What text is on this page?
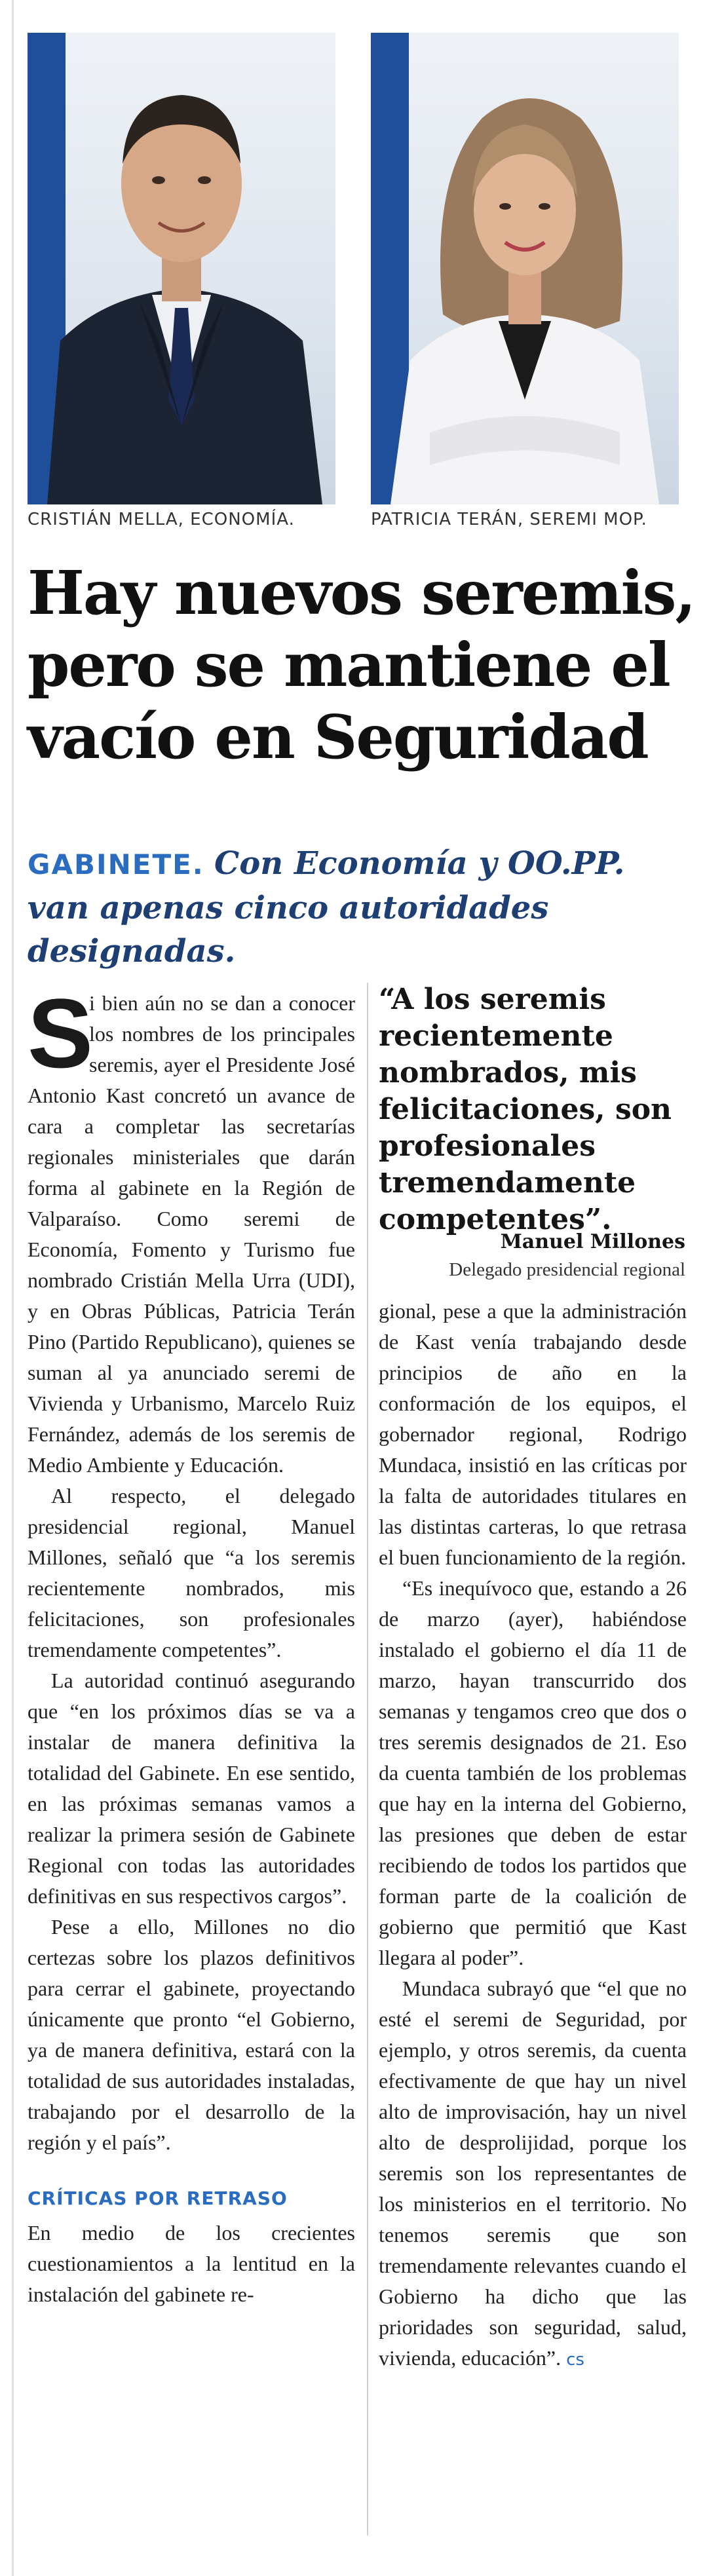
CRISTIÁN MELLA, ECONOMÍA.	PATRICIA TERÁN, SEREMI MOP.
Hay nuevos seremis,
pero se mantiene el
vacío en Seguridad
GABINETE. Con Economía y OO.PP. van apenas cinco autoridades designadas.

S
i bien aún no se dan a conocer los nombres de los principales seremis, ayer el Presidente José Antonio Kast concretó un avance de cara a completar las secretarías regionales ministeriales que darán forma al gabinete en la Región de Valparaíso. Como seremi de Economía, Fomento y Turismo fue nombrado Cristián Mella Urra (UDI), y en Obras Públicas, Patricia Terán Pino (Partido Republicano), quienes se suman al ya anunciado seremi de Vivienda y Urbanismo, Marcelo Ruiz Fernández, además de los seremis de Medio Ambiente y Educación.

Al respecto, el delegado presidencial regional, Manuel Millones, señaló que “a los seremis recientemente nombrados, mis felicitaciones, son profesionales tremendamente competentes”.

La autoridad continuó asegurando que “en los próximos días se va a instalar de manera definitiva la totalidad del Gabinete. En ese sentido, en las próximas semanas vamos a realizar la primera sesión de Gabinete Regional con todas las autoridades definitivas en sus respectivos cargos”.

Pese a ello, Millones no dio certezas sobre los plazos definitivos para cerrar el gabinete, proyectando únicamente que pronto “el Gobierno, ya de manera definitiva, estará con la totalidad de sus autoridades instaladas, trabajando por el desarrollo de la región y el país”.

CRÍTICAS POR RETRASO

En medio de los crecientes cuestionamientos a la lentitud en la instalación del gabinete re-

“A los seremis recientemente nombrados, mis felicitaciones, son profesionales tremendamente competentes”.
Manuel Millones
Delegado presidencial regional

gional, pese a que la administración de Kast venía trabajando desde principios de año en la conformación de los equipos, el gobernador regional, Rodrigo Mundaca, insistió en las críticas por la falta de autoridades titulares en las distintas carteras, lo que retrasa el buen funcionamiento de la región.

“Es inequívoco que, estando a 26 de marzo (ayer), habiéndose instalado el gobierno el día 11 de marzo, hayan transcurrido dos semanas y tengamos creo que dos o tres seremis designados de 21. Eso da cuenta también de los problemas que hay en la interna del Gobierno, las presiones que deben de estar recibiendo de todos los partidos que forman parte de la coalición de gobierno que permitió que Kast llegara al poder”.

Mundaca subrayó que “el que no esté el seremi de Seguridad, por ejemplo, y otros seremis, da cuenta efectivamente de que hay un nivel alto de improvisación, hay un nivel alto de desprolijidad, porque los seremis son los representantes de los ministerios en el territorio. No tenemos seremis que son tremendamente relevantes cuando el Gobierno ha dicho que las prioridades son seguridad, salud, vivienda, educación”. cs
